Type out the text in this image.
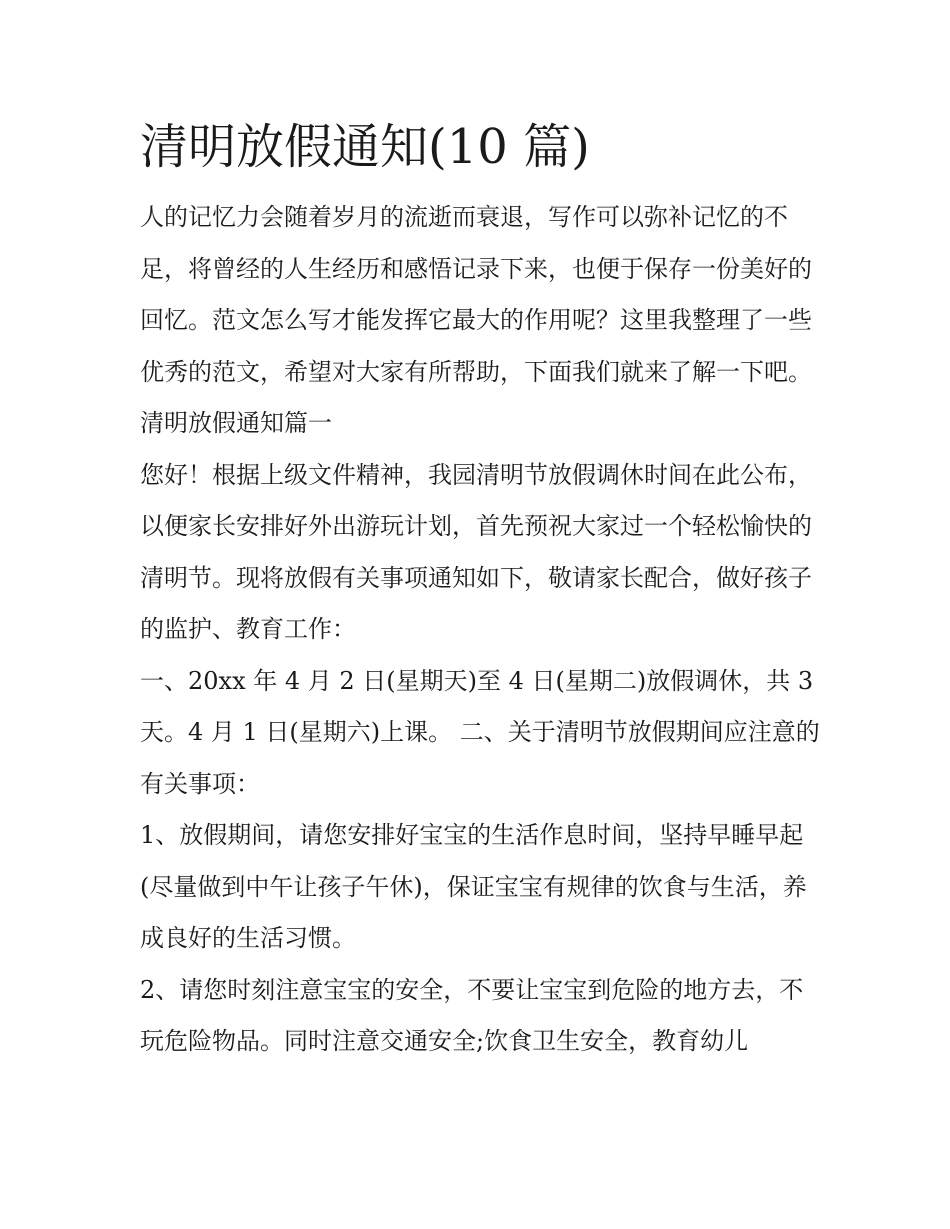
清明放假通知(10 篇)

人的记忆力会随着岁月的流逝而衰退，写作可以弥补记忆的不足，将曾经的人生经历和感悟记录下来，也便于保存一份美好的回忆。范文怎么写才能发挥它最大的作用呢？这里我整理了一些优秀的范文，希望对大家有所帮助，下面我们就来了解一下吧。

清明放假通知篇一

您好！根据上级文件精神，我园清明节放假调休时间在此公布，以便家长安排好外出游玩计划，首先预祝大家过一个轻松愉快的清明节。现将放假有关事项通知如下，敬请家长配合，做好孩子的监护、教育工作：

一、20xx 年 4 月 2 日(星期天)至 4 日(星期二)放假调休，共 3 天。4 月 1 日(星期六)上课。 二、关于清明节放假期间应注意的有关事项：

1、放假期间，请您安排好宝宝的生活作息时间，坚持早睡早起(尽量做到中午让孩子午休)，保证宝宝有规律的饮食与生活，养成良好的生活习惯。

2、请您时刻注意宝宝的安全，不要让宝宝到危险的地方去，不玩危险物品。同时注意交通安全;饮食卫生安全，教育幼儿
